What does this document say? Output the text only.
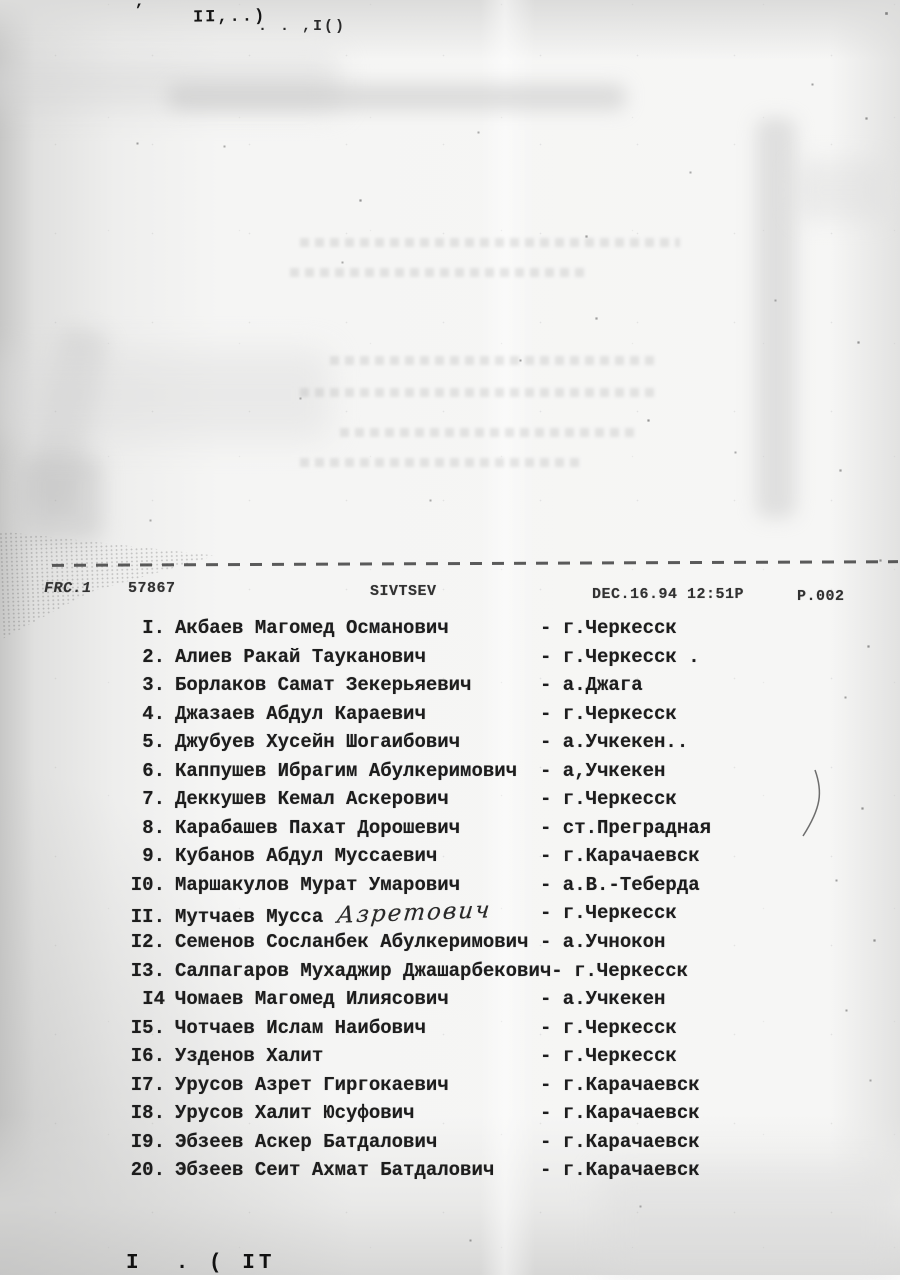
’	ІІ,..)
. . ,І()
FRC.1 57867	SIVTSEV	DEC.16.94 12:51P	P.002
I. Акбаев Магомед Османович	- г.Черкесск
2. Алиев Ракай Тауканович	- г.Черкесск .
3. Борлаков Самат Зекерьяевич	- а.Джага
4. Джазаев Абдул Караевич	- г.Черкесск
5. Джубуев Хусейн Шогаибович	- а.Учкекен..
6. Каппушев Ибрагим Абулкеримович - а,Учкекен
7. Деккушев Кемал Аскерович	- г.Черкесск
8. Карабашев Пахат Дорошевич	- ст.Преградная
9. Кубанов Абдул Муссаевич	- г.Карачаевск
I0. Маршакулов Мурат Умарович	- а.В.-Теберда
II. Мутчаев Мусса Азретович - г.Черкесск
I2. Семенов Сосланбек Абулкеримович - а.Учнокон
I3. Салпагаров Мухаджир Джашарбекович- г.Черкесск
I4 Чомаев Магомед Илиясович	- а.Учкекен
I5. Чотчаев Ислам Наибович	- г.Черкесск
I6. Узденов Халит	- г.Черкесск
I7. Урусов Азрет Гиргокаевич	- г.Карачаевск
I8. Урусов Халит Юсуфович	- г.Карачаевск
I9. Эбзеев Аскер Батдалович	- г.Карачаевск
20. Эбзеев Сеит Ахмат Батдалович - г.Карачаевск
І  . ( ІТ
